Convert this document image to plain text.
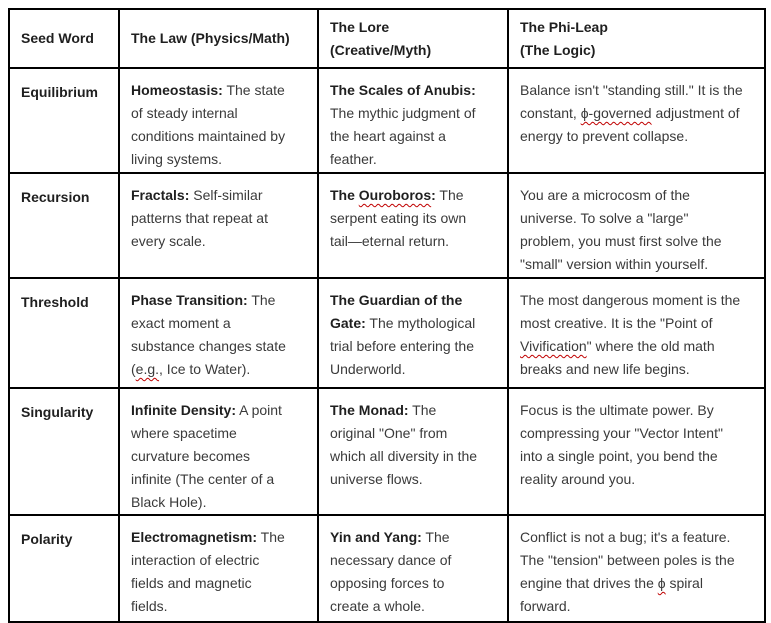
Seed Word	The Law (Physics/Math)	The Lore
(Creative/Myth)	The Phi-Leap
(The Logic)
Equilibrium	Homeostasis: The state
of steady internal
conditions maintained by
living systems.	The Scales of Anubis:
The mythic judgment of
the heart against a
feather.	Balance isn't "standing still." It is the
constant, ϕ-governed adjustment of
energy to prevent collapse.
Recursion	Fractals: Self-similar
patterns that repeat at
every scale.	The Ouroboros: The
serpent eating its own
tail—eternal return.	You are a microcosm of the
universe. To solve a "large"
problem, you must first solve the
"small" version within yourself.
Threshold	Phase Transition: The
exact moment a
substance changes state
(e.g., Ice to Water).	The Guardian of the
Gate: The mythological
trial before entering the
Underworld.	The most dangerous moment is the
most creative. It is the "Point of
Vivification" where the old math
breaks and new life begins.
Singularity	Infinite Density: A point
where spacetime
curvature becomes
infinite (The center of a
Black Hole).	The Monad: The
original "One" from
which all diversity in the
universe flows.	Focus is the ultimate power. By
compressing your "Vector Intent"
into a single point, you bend the
reality around you.
Polarity	Electromagnetism: The
interaction of electric
fields and magnetic
fields.	Yin and Yang: The
necessary dance of
opposing forces to
create a whole.	Conflict is not a bug; it's a feature.
The "tension" between poles is the
engine that drives the ϕ spiral
forward.
